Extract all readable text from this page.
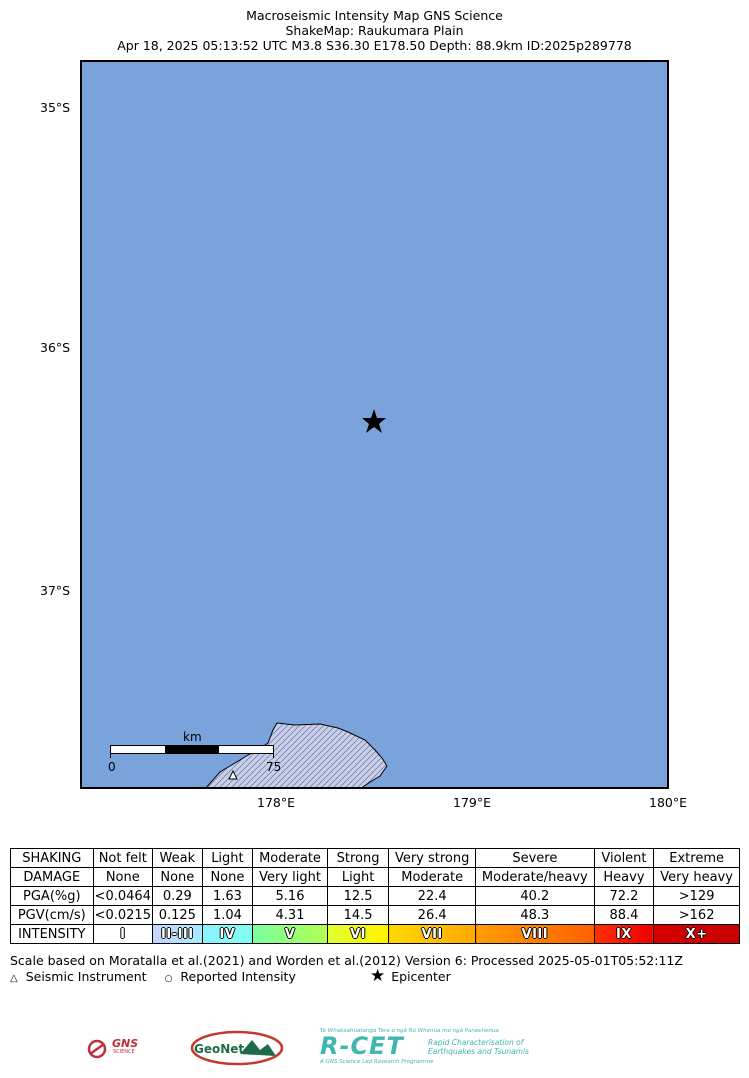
Macroseismic Intensity Map GNS Science
ShakeMap: Raukumara Plain
Apr 18, 2025 05:13:52 UTC M3.8 S36.30 E178.50 Depth: 88.9km ID:2025p289778
35°S
36°S
37°S
km
0	75
178°E	179°E	180°E
SHAKING	Not felt	Weak	Light	Moderate	Strong	Very strong	Severe	Violent	Extreme
DAMAGE	None	None	None	Very light	Light	Moderate	Moderate/heavy	Heavy	Very heavy
PGA(%g)	<0.0464	0.29	1.63	5.16	12.5	22.4	40.2	72.2	>129
PGV(cm/s)	<0.0215	0.125	1.04	4.31	14.5	26.4	48.3	88.4	>162
INTENSITY	I	II-III	IV	V	VI	VII	VIII	IX	X+
Scale based on Moratalla et al.(2021) and Worden et al.(2012) Version 6: Processed 2025-05-01T05:52:11Z
△ Seismic Instrument ○ Reported Intensity	★ Epicenter
GNS
SCIENCE	GeoNet
Te Whakaahuatanga Tere o ngā Rū Whenua me ngā Parawhenua
R-CET	Rapid Characterisation of
Earthquakes and Tsunamis
A GNS Science Led Research Programme
